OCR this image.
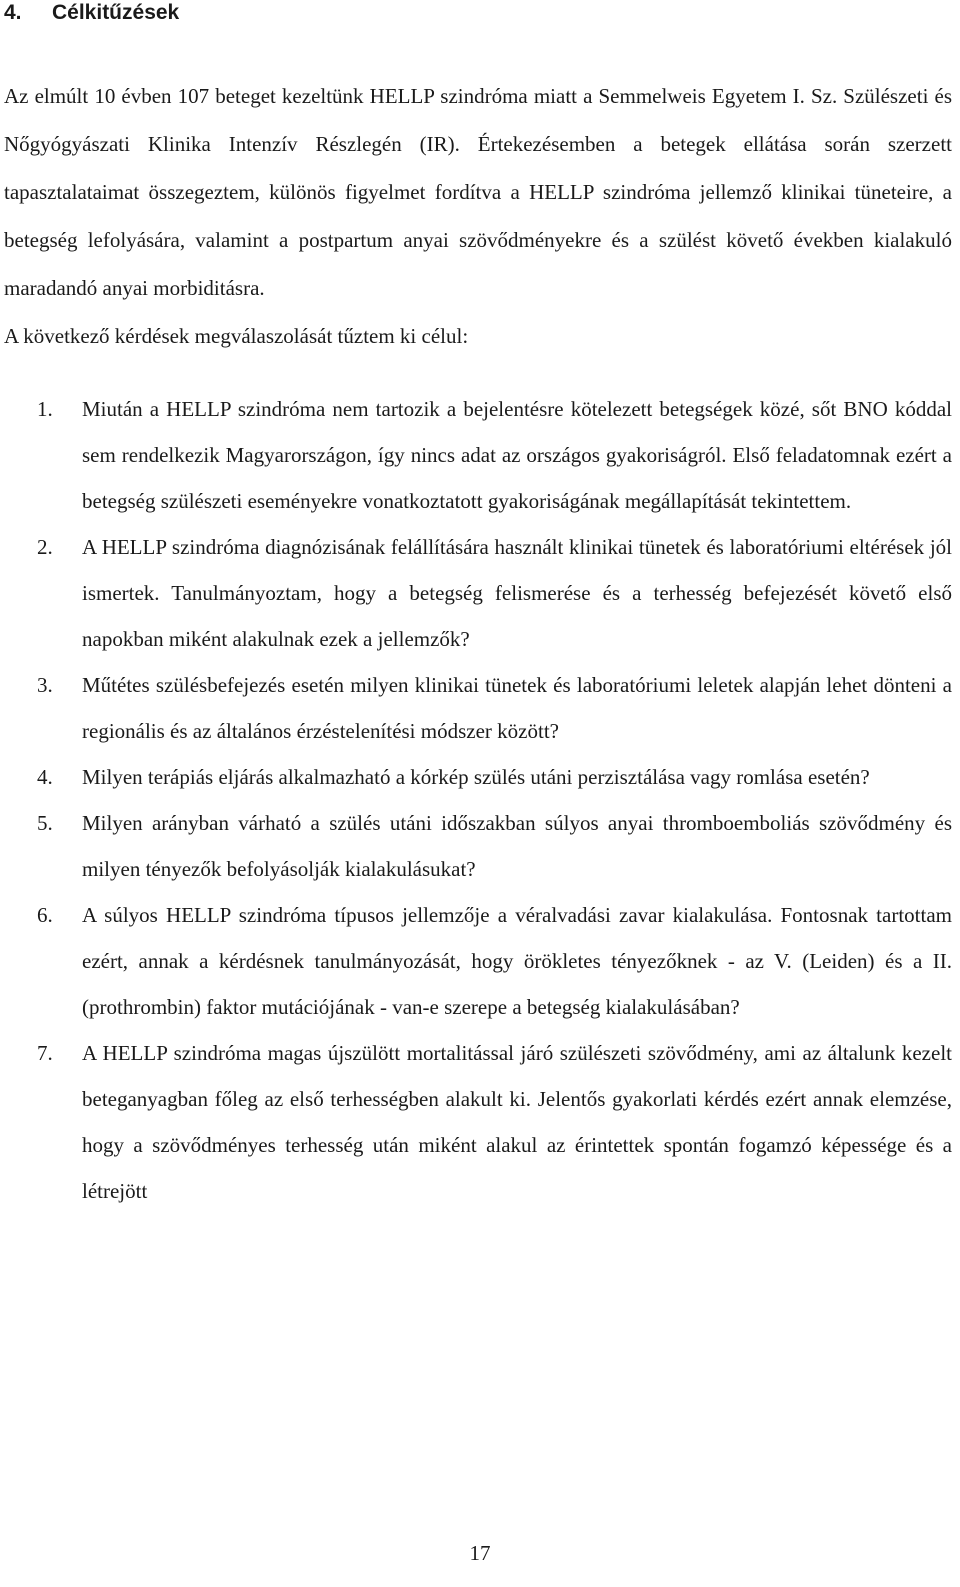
4.	Célkitűzések

Az elmúlt 10 évben 107 beteget kezeltünk HELLP szindróma miatt a Semmelweis Egyetem I. Sz. Szülészeti és Nőgyógyászati Klinika Intenzív Részlegén (IR). Értekezésemben a betegek ellátása során szerzett tapasztalataimat összegeztem, különös figyelmet fordítva a HELLP szindróma jellemző klinikai tüneteire, a betegség lefolyására, valamint a postpartum anyai szövődményekre és a szülést követő években kialakuló maradandó anyai morbiditásra.

A következő kérdések megválaszolását tűztem ki célul:

1.	Miután a HELLP szindróma nem tartozik a bejelentésre kötelezett betegségek közé, sőt BNO kóddal sem rendelkezik Magyarországon, így nincs adat az országos gyakoriságról. Első feladatomnak ezért a betegség szülészeti eseményekre vonatkoztatott gyakoriságának megállapítását tekintettem.
2.	A HELLP szindróma diagnózisának felállítására használt klinikai tünetek és laboratóriumi eltérések jól ismertek. Tanulmányoztam, hogy a betegség felismerése és a terhesség befejezését követő első napokban miként alakulnak ezek a jellemzők?
3.	Műtétes szülésbefejezés esetén milyen klinikai tünetek és laboratóriumi leletek alapján lehet dönteni a regionális és az általános érzéstelenítési módszer között?
4.	Milyen terápiás eljárás alkalmazható a kórkép szülés utáni perzisztálása vagy romlása esetén?
5.	Milyen arányban várható a szülés utáni időszakban súlyos anyai thromboemboliás szövődmény és milyen tényezők befolyásolják kialakulásukat?
6.	A súlyos HELLP szindróma típusos jellemzője a véralvadási zavar kialakulása. Fontosnak tartottam ezért, annak a kérdésnek tanulmányozását, hogy örökletes tényezőknek - az V. (Leiden) és a II. (prothrombin) faktor mutációjának - van-e szerepe a betegség kialakulásában?
7.	A HELLP szindróma magas újszülött mortalitással járó szülészeti szövődmény, ami az általunk kezelt beteganyagban főleg az első terhességben alakult ki. Jelentős gyakorlati kérdés ezért annak elemzése, hogy a szövődményes terhesség után miként alakul az érintettek spontán fogamzó képessége és a létrejött
17
